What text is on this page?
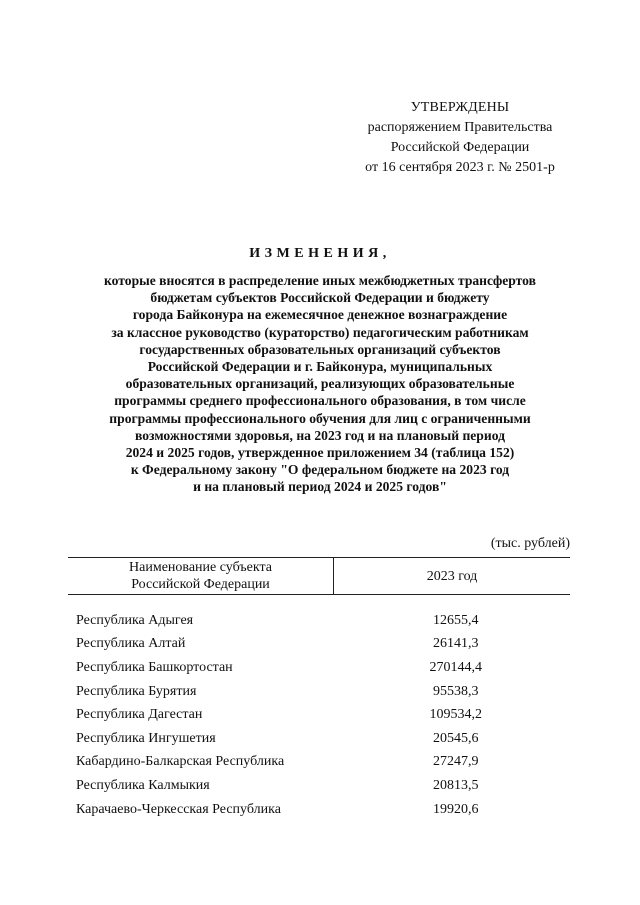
УТВЕРЖДЕНЫ
распоряжением Правительства
Российской Федерации
от 16 сентября 2023 г. № 2501-р
ИЗМЕНЕНИЯ,
которые вносятся в распределение иных межбюджетных трансфертов
бюджетам субъектов Российской Федерации и бюджету
города Байконура на ежемесячное денежное вознаграждение
за классное руководство (кураторство) педагогическим работникам
государственных образовательных организаций субъектов
Российской Федерации и г. Байконура, муниципальных
образовательных организаций, реализующих образовательные
программы среднего профессионального образования, в том числе
программы профессионального обучения для лиц с ограниченными
возможностями здоровья, на 2023 год и на плановый период
2024 и 2025 годов, утвержденное приложением 34 (таблица 152)
к Федеральному закону "О федеральном бюджете на 2023 год
и на плановый период 2024 и 2025 годов"
(тыс. рублей)
Наименование субъекта
Российской Федерации	2023 год
Республика Адыгея	12655,4
Республика Алтай	26141,3
Республика Башкортостан	270144,4
Республика Бурятия	95538,3
Республика Дагестан	109534,2
Республика Ингушетия	20545,6
Кабардино-Балкарская Республика	27247,9
Республика Калмыкия	20813,5
Карачаево-Черкесская Республика	19920,6
